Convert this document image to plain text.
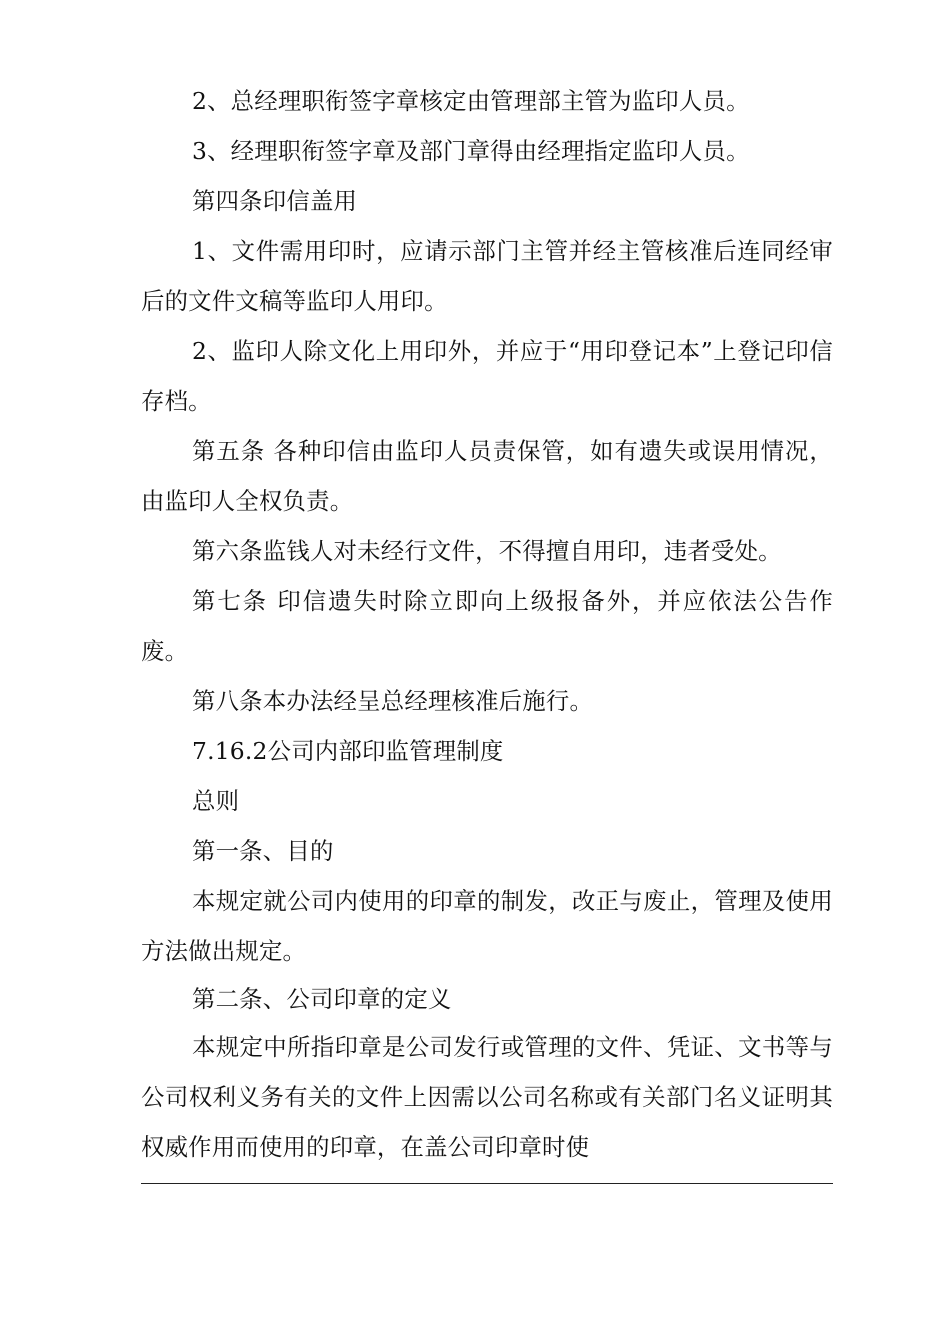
2、总经理职衔签字章核定由管理部主管为监印人员。

3、经理职衔签字章及部门章得由经理指定监印人员。

第四条印信盖用

1、文件需用印时，应请示部门主管并经主管核准后连同经审后的文件文稿等监印人用印。

2、监印人除文化上用印外，并应于“用印登记本”上登记印信存档。

第五条 各种印信由监印人员责保管，如有遗失或误用情况，由监印人全权负责。

第六条监钱人对未经行文件，不得擅自用印，违者受处。

第七条 印信遗失时除立即向上级报备外，并应依法公告作废。

第八条本办法经呈总经理核准后施行。

7.16.2公司内部印监管理制度

总则

第一条、目的

本规定就公司内使用的印章的制发，改正与废止，管理及使用方法做出规定。

第二条、公司印章的定义

本规定中所指印章是公司发行或管理的文件、凭证、文书等与公司权利义务有关的文件上因需以公司名称或有关部门名义证明其权威作用而使用的印章，在盖公司印章时使
